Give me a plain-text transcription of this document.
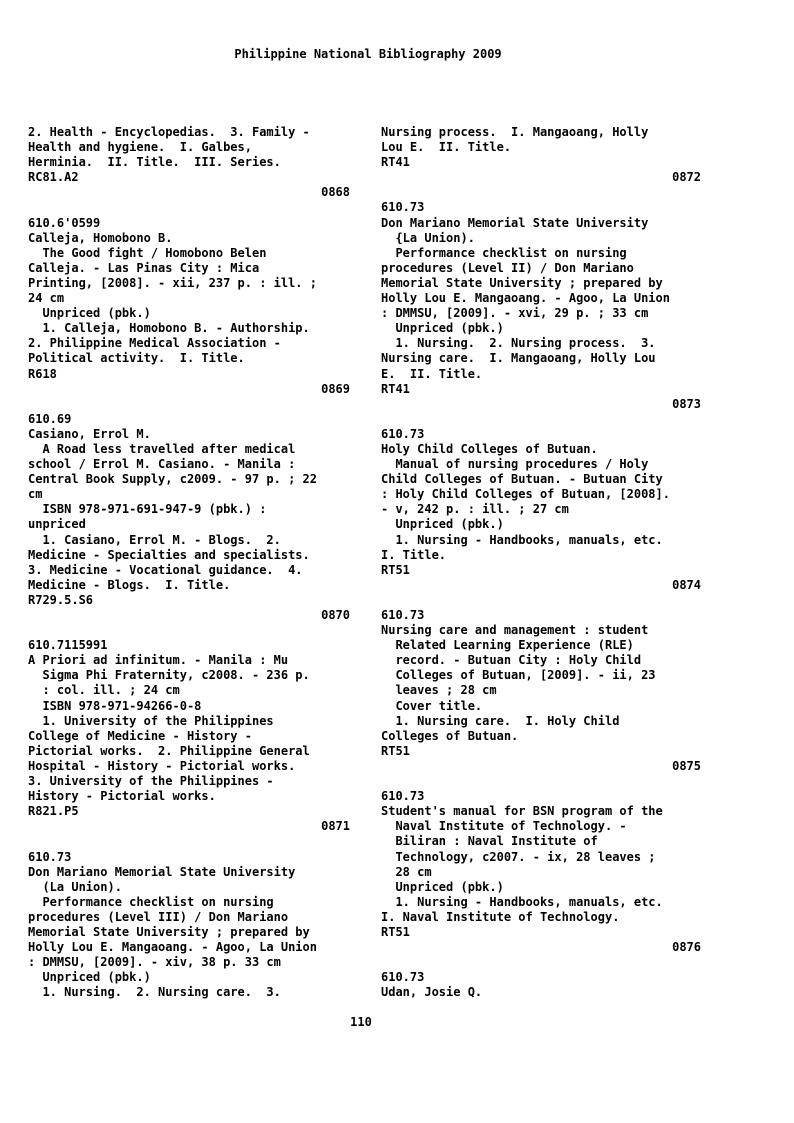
Philippine National Bibliography 2009
2. Health - Encyclopedias.  3. Family -
Health and hygiene.  I. Galbes,
Herminia.  II. Title.  III. Series.
RC81.A2
0868
610.6'0599
Calleja, Homobono B.
The Good fight / Homobono Belen
Calleja. - Las Pinas City : Mica
Printing, [2008]. - xii, 237 p. : ill. ;
24 cm
Unpriced (pbk.)
1. Calleja, Homobono B. - Authorship.
2. Philippine Medical Association -
Political activity.  I. Title.
R618
0869
610.69
Casiano, Errol M.
A Road less travelled after medical
school / Errol M. Casiano. - Manila :
Central Book Supply, c2009. - 97 p. ; 22
cm
ISBN 978-971-691-947-9 (pbk.) :
unpriced
1. Casiano, Errol M. - Blogs.  2.
Medicine - Specialties and specialists.
3. Medicine - Vocational guidance.  4.
Medicine - Blogs.  I. Title.
R729.5.S6
0870
610.7115991
A Priori ad infinitum. - Manila : Mu
Sigma Phi Fraternity, c2008. - 236 p.
: col. ill. ; 24 cm
ISBN 978-971-94266-0-8
1. University of the Philippines
College of Medicine - History -
Pictorial works.  2. Philippine General
Hospital - History - Pictorial works.
3. University of the Philippines -
History - Pictorial works.
R821.P5
0871
610.73
Don Mariano Memorial State University
(La Union).
Performance checklist on nursing
procedures (Level III) / Don Mariano
Memorial State University ; prepared by
Holly Lou E. Mangaoang. - Agoo, La Union
: DMMSU, [2009]. - xiv, 38 p. 33 cm
Unpriced (pbk.)
1. Nursing.  2. Nursing care.  3.
Nursing process.  I. Mangaoang, Holly
Lou E.  II. Title.
RT41
0872
610.73
Don Mariano Memorial State University
{La Union).
Performance checklist on nursing
procedures (Level II) / Don Mariano
Memorial State University ; prepared by
Holly Lou E. Mangaoang. - Agoo, La Union
: DMMSU, [2009]. - xvi, 29 p. ; 33 cm
Unpriced (pbk.)
1. Nursing.  2. Nursing process.  3.
Nursing care.  I. Mangaoang, Holly Lou
E.  II. Title.
RT41
0873
610.73
Holy Child Colleges of Butuan.
Manual of nursing procedures / Holy
Child Colleges of Butuan. - Butuan City
: Holy Child Colleges of Butuan, [2008].
- v, 242 p. : ill. ; 27 cm
Unpriced (pbk.)
1. Nursing - Handbooks, manuals, etc.
I. Title.
RT51
0874
610.73
Nursing care and management : student
Related Learning Experience (RLE)
record. - Butuan City : Holy Child
Colleges of Butuan, [2009]. - ii, 23
leaves ; 28 cm
Cover title.
1. Nursing care.  I. Holy Child
Colleges of Butuan.
RT51
0875
610.73
Student's manual for BSN program of the
Naval Institute of Technology. -
Biliran : Naval Institute of
Technology, c2007. - ix, 28 leaves ;
28 cm
Unpriced (pbk.)
1. Nursing - Handbooks, manuals, etc.
I. Naval Institute of Technology.
RT51
0876
610.73
Udan, Josie Q.
110
